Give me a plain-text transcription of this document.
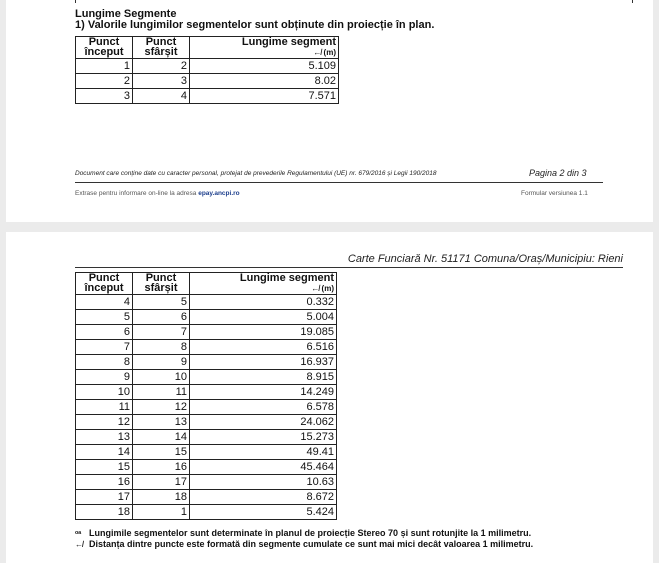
Lungime Segmente
1) Valorile lungimilor segmentelor sunt obținute din proiecție în plan.
Punct început	Punct sfârșit	Lungime segment
↚ (m)
1	2	5.109
2	3	8.02
3	4	7.571
Document care conține date cu caracter personal, protejat de prevederile Regulamentului (UE) nr. 679/2016 și Legii 190/2018	Pagina 2 din 3
Extrase pentru informare on-line la adresa epay.ancpi.ro	Formular versiunea 1.1
Carte Funciară Nr. 51171 Comuna/Oraș/Municipiu: Rieni
Punct început	Punct sfârșit	Lungime segment
↚ (m)
4	5	0.332
5	6	5.004
6	7	19.085
7	8	6.516
8	9	16.937
9	10	8.915
10	11	14.249
11	12	6.578
12	13	24.062
13	14	15.273
14	15	49.41
15	16	45.464
16	17	10.63
17	18	8.672
18	1	5.424
ᵒᵃ Lungimile segmentelor sunt determinate în planul de proiecție Stereo 70 și sunt rotunjite la 1 milimetru.
↚ Distanța dintre puncte este formată din segmente cumulate ce sunt mai mici decât valoarea 1 milimetru.
